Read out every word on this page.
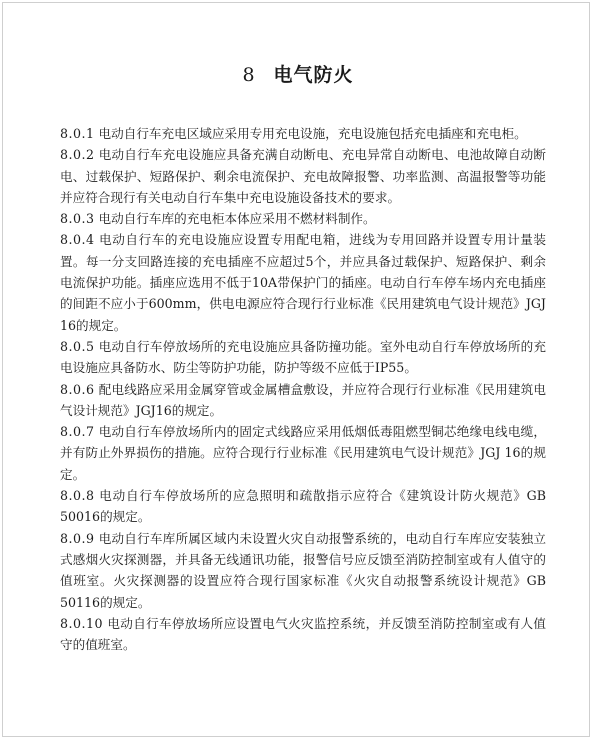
8 电气防火

8.0.1 电动自行车充电区域应采用专用充电设施，充电设施包括充电插座和充电柜。

8.0.2 电动自行车充电设施应具备充满自动断电、充电异常自动断电、电池故障自动断电、过载保护、短路保护、剩余电流保护、充电故障报警、功率监测、高温报警等功能并应符合现行有关电动自行车集中充电设施设备技术的要求。

8.0.3 电动自行车库的充电柜本体应采用不燃材料制作。

8.0.4 电动自行车的充电设施应设置专用配电箱，进线为专用回路并设置专用计量装置。每一分支回路连接的充电插座不应超过5个，并应具备过载保护、短路保护、剩余电流保护功能。插座应选用不低于10A带保护门的插座。电动自行车停车场内充电插座的间距不应小于600mm，供电电源应符合现行行业标准《民用建筑电气设计规范》JGJ 16的规定。

8.0.5 电动自行车停放场所的充电设施应具备防撞功能。室外电动自行车停放场所的充电设施应具备防水、防尘等防护功能，防护等级不应低于IP55。

8.0.6 配电线路应采用金属穿管或金属槽盒敷设，并应符合现行行业标准《民用建筑电气设计规范》JGJ16的规定。

8.0.7 电动自行车停放场所内的固定式线路应采用低烟低毒阻燃型铜芯绝缘电线电缆，并有防止外界损伤的措施。应符合现行行业标准《民用建筑电气设计规范》JGJ 16的规定。

8.0.8 电动自行车停放场所的应急照明和疏散指示应符合《建筑设计防火规范》GB 50016的规定。

8.0.9 电动自行车库所属区域内未设置火灾自动报警系统的，电动自行车库应安装独立式感烟火灾探测器，并具备无线通讯功能，报警信号应反馈至消防控制室或有人值守的值班室。火灾探测器的设置应符合现行国家标准《火灾自动报警系统设计规范》GB 50116的规定。

8.0.10 电动自行车停放场所应设置电气火灾监控系统，并反馈至消防控制室或有人值守的值班室。
